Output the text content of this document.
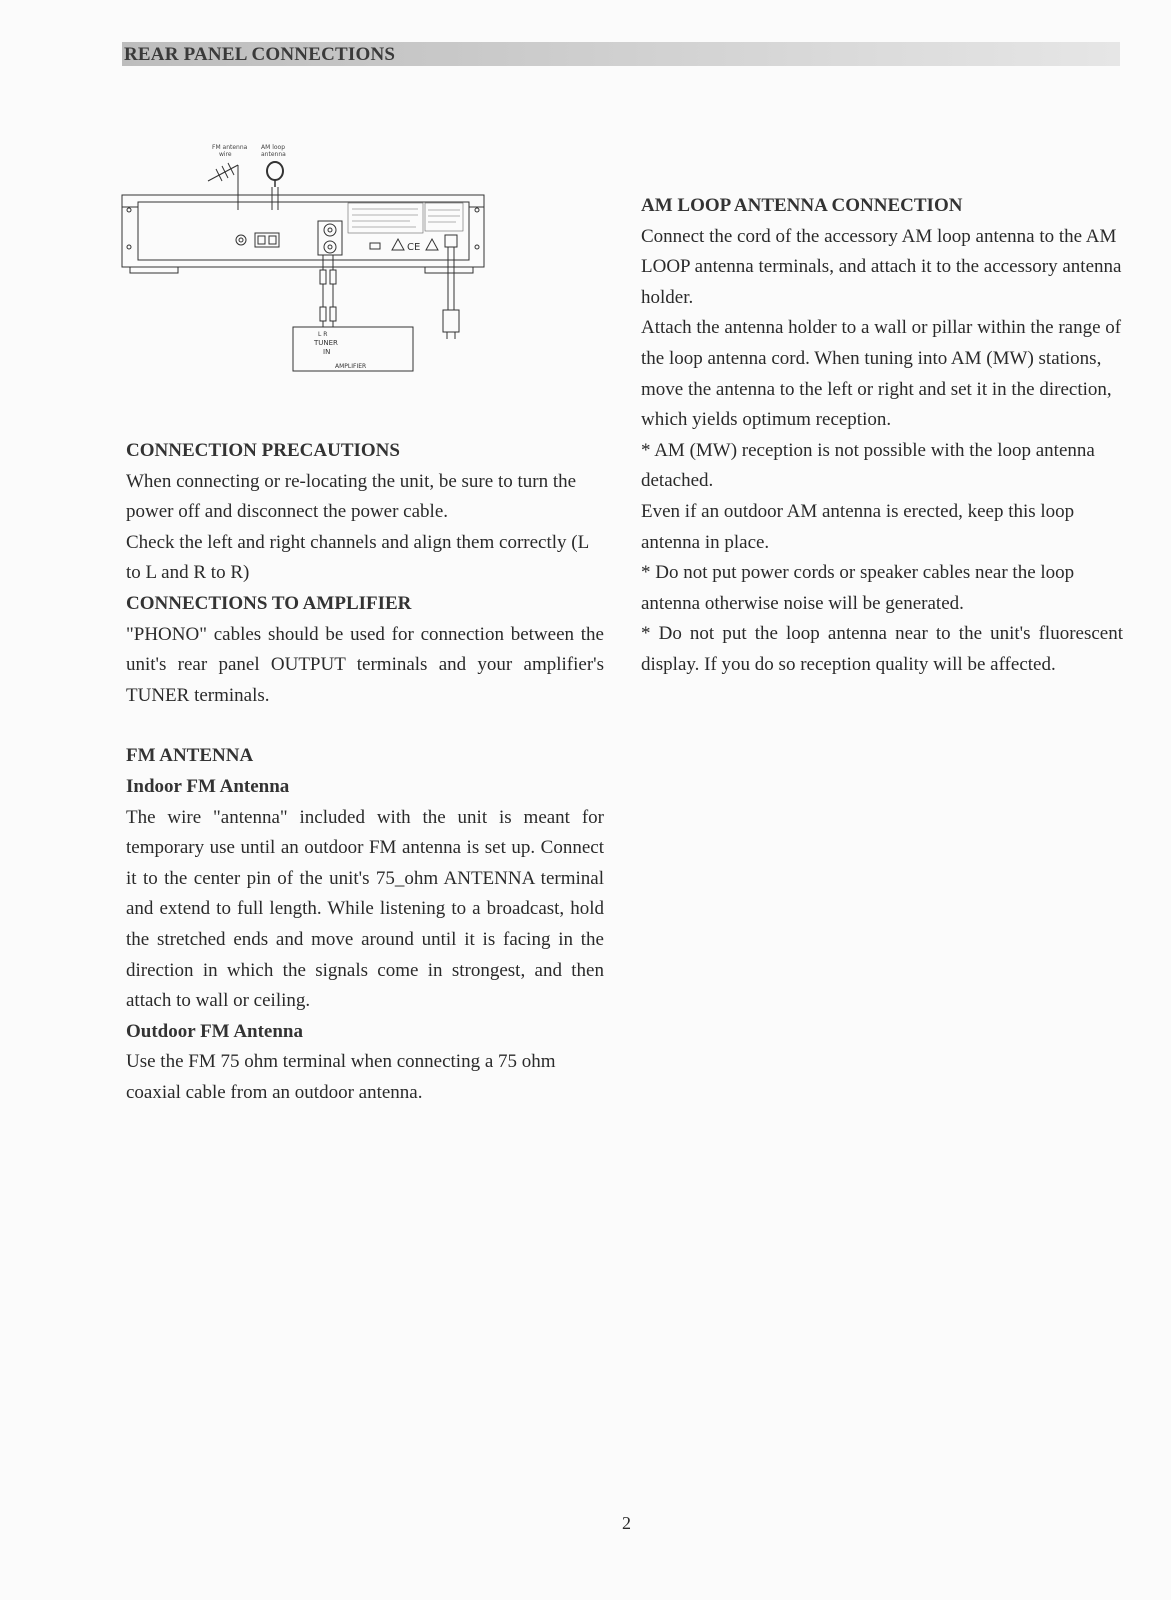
REAR PANEL CONNECTIONS
FM antenna
wire
AM loop
antenna
CE
L R
TUNER
IN
AMPLIFIER

CONNECTION PRECAUTIONS

When connecting or re-locating the unit, be sure to turn the power off and disconnect the power cable.

Check the left and right channels and align them correctly (L to L and R to R)

CONNECTIONS TO AMPLIFIER

"PHONO" cables should be used for connection between the unit's rear panel OUTPUT terminals and your amplifier's TUNER terminals.

FM ANTENNA

Indoor FM Antenna

The wire "antenna" included with the unit is meant for temporary use until an outdoor FM antenna is set up. Connect it to the center pin of the unit's 75_ohm ANTENNA terminal and extend to full length. While listening to a broadcast, hold the stretched ends and move around until it is facing in the direction in which the signals come in strongest, and then attach to wall or ceiling.

Outdoor FM Antenna

Use the FM 75 ohm terminal when connecting a 75 ohm coaxial cable from an outdoor antenna.

AM LOOP ANTENNA CONNECTION

Connect the cord of the accessory AM loop antenna to the AM LOOP antenna terminals, and attach it to the accessory antenna holder.

Attach the antenna holder to a wall or pillar within the range of the loop antenna cord. When tuning into AM (MW) stations, move the antenna to the left or right and set it in the direction, which yields optimum reception.

* AM (MW) reception is not possible with the loop antenna detached.

Even if an outdoor AM antenna is erected, keep this loop antenna in place.

* Do not put power cords or speaker cables near the loop antenna otherwise noise will be generated.

* Do not put the loop antenna near to the unit's fluorescent display. If you do so reception quality will be affected.

2
